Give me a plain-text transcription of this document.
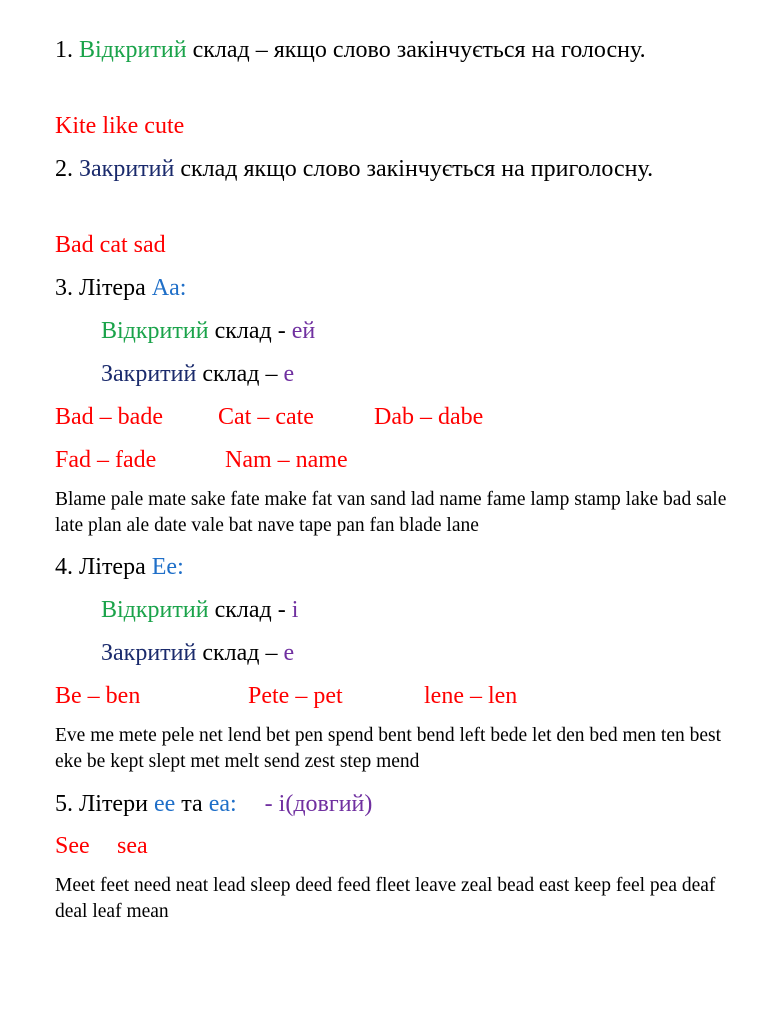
1. Відкритий склад – якщо слово закінчується на голосну.
Kite like cute
2. Закритий склад якщо слово закінчується на приголосну.
Bad cat sad
3. Літера Aa:
Відкритий склад - ей
Закритий склад – е
Bad – bade Cat – cate	Dab – dabe
Fad – fade	Nam – name
Blame pale mate sake fate make fat van sand lad name fame lamp stamp lake bad sale late plan ale date vale bat nave tape pan fan blade lane
4. Літера Ee:
Відкритий склад - і
Закритий склад – е
Be – ben	Pete – pet	lene – len
Eve me mete pele net lend bet pen spend bent bend left bede let den bed men ten best eke be kept slept met melt send zest step mend
5. Літери ee та ea: - і(довгий)
See sea
Meet feet need neat lead sleep deed feed fleet leave zeal bead east keep feel pea deaf deal leaf mean
